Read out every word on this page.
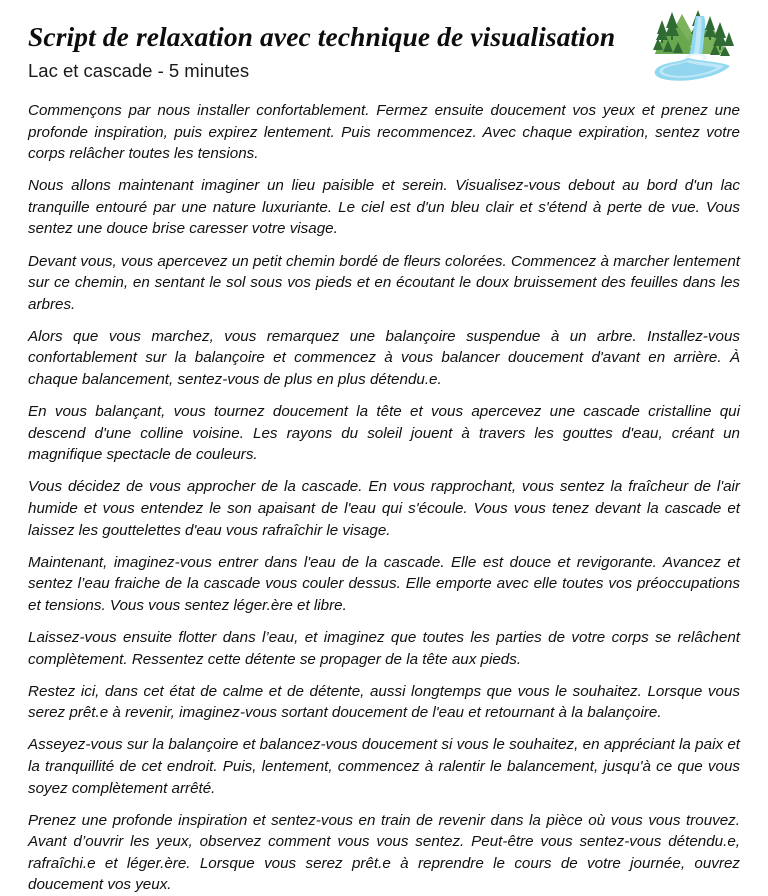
Script de relaxation avec technique de visualisation
Lac et cascade - 5 minutes

Commençons par nous installer confortablement. Fermez ensuite doucement vos yeux et prenez une profonde inspiration, puis expirez lentement. Puis recommencez. Avec chaque expiration, sentez votre corps relâcher toutes les tensions.

Nous allons maintenant imaginer un lieu paisible et serein. Visualisez-vous debout au bord d'un lac tranquille entouré par une nature luxuriante. Le ciel est d'un bleu clair et s'étend à perte de vue. Vous sentez une douce brise caresser votre visage.

Devant vous, vous apercevez un petit chemin bordé de fleurs colorées. Commencez à marcher lentement sur ce chemin, en sentant le sol sous vos pieds et en écoutant le doux bruissement des feuilles dans les arbres.

Alors que vous marchez, vous remarquez une balançoire suspendue à un arbre. Installez-vous confortablement sur la balançoire et commencez à vous balancer doucement d'avant en arrière. À chaque balancement, sentez-vous de plus en plus détendu.e.

En vous balançant, vous tournez doucement la tête et vous apercevez une cascade cristalline qui descend d'une colline voisine. Les rayons du soleil jouent à travers les gouttes d'eau, créant un magnifique spectacle de couleurs.

Vous décidez de vous approcher de la cascade. En vous rapprochant, vous sentez la fraîcheur de l'air humide et vous entendez le son apaisant de l'eau qui s'écoule. Vous vous tenez devant la cascade et laissez les gouttelettes d'eau vous rafraîchir le visage.

Maintenant, imaginez-vous entrer dans l'eau de la cascade. Elle est douce et revigorante. Avancez et sentez l’eau fraiche de la cascade vous couler dessus. Elle emporte avec elle toutes vos préoccupations et tensions. Vous vous sentez léger.ère et libre.

Laissez-vous ensuite flotter dans l’eau, et imaginez que toutes les parties de votre corps se relâchent complètement. Ressentez cette détente se propager de la tête aux pieds.

Restez ici, dans cet état de calme et de détente, aussi longtemps que vous le souhaitez. Lorsque vous serez prêt.e à revenir, imaginez-vous sortant doucement de l'eau et retournant à la balançoire.

Asseyez-vous sur la balançoire et balancez-vous doucement si vous le souhaitez, en appréciant la paix et la tranquillité de cet endroit. Puis, lentement, commencez à ralentir le balancement, jusqu'à ce que vous soyez complètement arrêté.

Prenez une profonde inspiration et sentez-vous en train de revenir dans la pièce où vous vous trouvez. Avant d’ouvrir les yeux, observez comment vous vous sentez. Peut-être vous sentez-vous détendu.e, rafraîchi.e et léger.ère. Lorsque vous serez prêt.e à reprendre le cours de votre journée, ouvrez doucement vos yeux.
